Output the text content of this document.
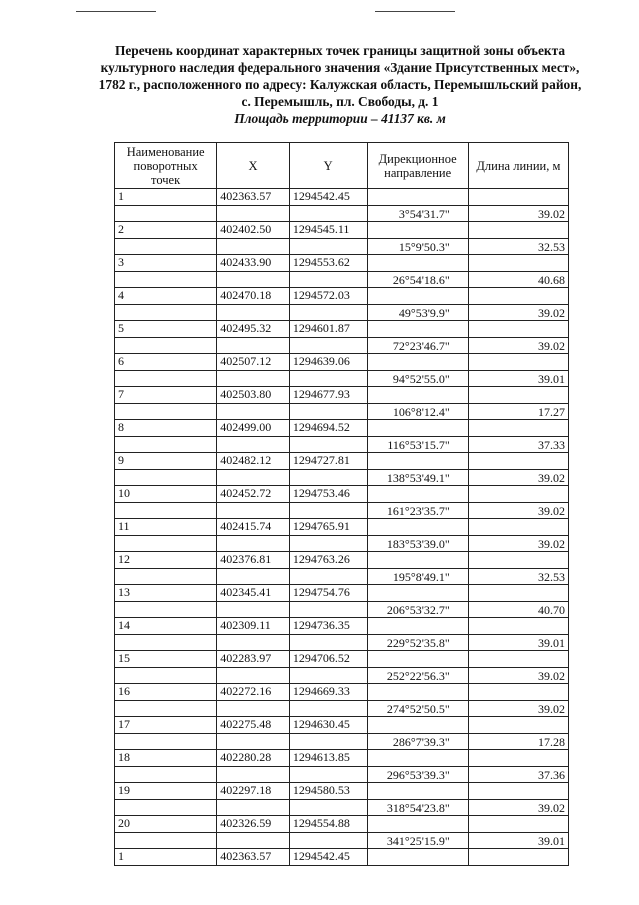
Перечень координат характерных точек границы защитной зоны объекта
культурного наследия федерального значения «Здание Присутственных мест»,
1782 г., расположенного по адресу: Калужская область, Перемышльский район,
с. Перемышль, пл. Свободы, д. 1
Площадь территории – 41137 кв. м
Наименование поворотных точек	X	Y	Дирекционное направление	Длина линии, м
1	402363.57	1294542.45		
			3°54'31.7"	39.02
2	402402.50	1294545.11		
			15°9'50.3"	32.53
3	402433.90	1294553.62		
			26°54'18.6"	40.68
4	402470.18	1294572.03		
			49°53'9.9"	39.02
5	402495.32	1294601.87		
			72°23'46.7"	39.02
6	402507.12	1294639.06		
			94°52'55.0"	39.01
7	402503.80	1294677.93		
			106°8'12.4"	17.27
8	402499.00	1294694.52		
			116°53'15.7"	37.33
9	402482.12	1294727.81		
			138°53'49.1"	39.02
10	402452.72	1294753.46		
			161°23'35.7"	39.02
11	402415.74	1294765.91		
			183°53'39.0"	39.02
12	402376.81	1294763.26		
			195°8'49.1"	32.53
13	402345.41	1294754.76		
			206°53'32.7"	40.70
14	402309.11	1294736.35		
			229°52'35.8"	39.01
15	402283.97	1294706.52		
			252°22'56.3"	39.02
16	402272.16	1294669.33		
			274°52'50.5"	39.02
17	402275.48	1294630.45		
			286°7'39.3"	17.28
18	402280.28	1294613.85		
			296°53'39.3"	37.36
19	402297.18	1294580.53		
			318°54'23.8"	39.02
20	402326.59	1294554.88		
			341°25'15.9"	39.01
1	402363.57	1294542.45		
